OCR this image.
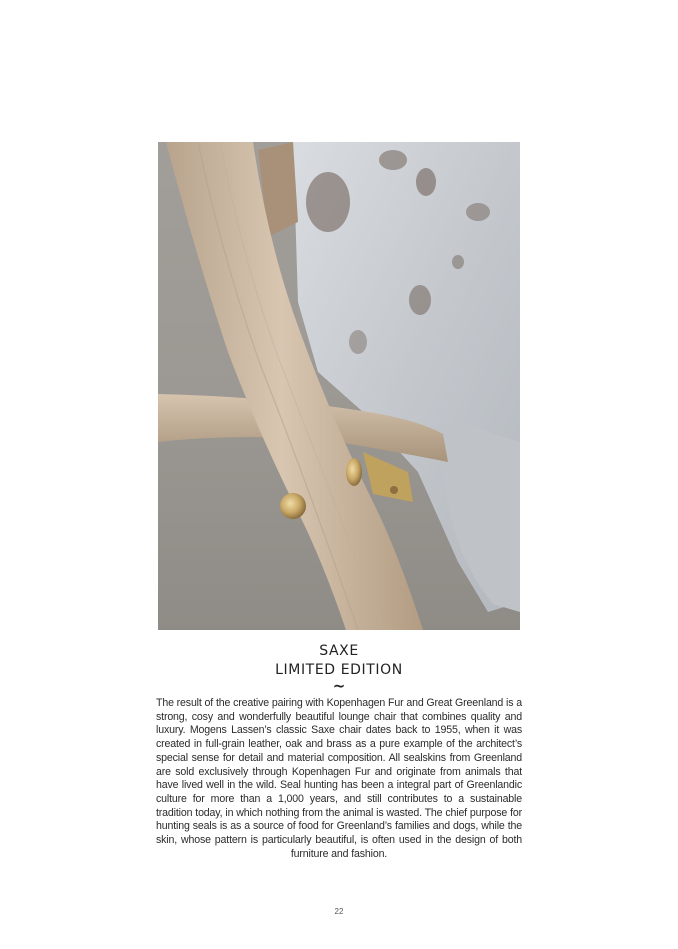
SAXE
LIMITED EDITION
~
The result of the creative pairing with Kopenhagen Fur and Great Greenland is a strong, cosy and wonderfully beautiful lounge chair that combines quality and luxury. Mogens Lassen’s classic Saxe chair dates back to 1955, when it was created in full-grain leather, oak and brass as a pure example of the architect’s special sense for detail and material composition. All sealskins from Greenland are sold exclusively through Kopenhagen Fur and originate from animals that have lived well in the wild. Seal hunting has been a integral part of Greenlandic culture for more than a 1,000 years, and still contributes to a sustainable tradition today, in which nothing from the animal is wasted. The chief purpose for hunting seals is as a source of food for Greenland’s families and dogs, while the skin, whose pattern is particularly beautiful, is often used in the design of both furniture and fashion.
22
